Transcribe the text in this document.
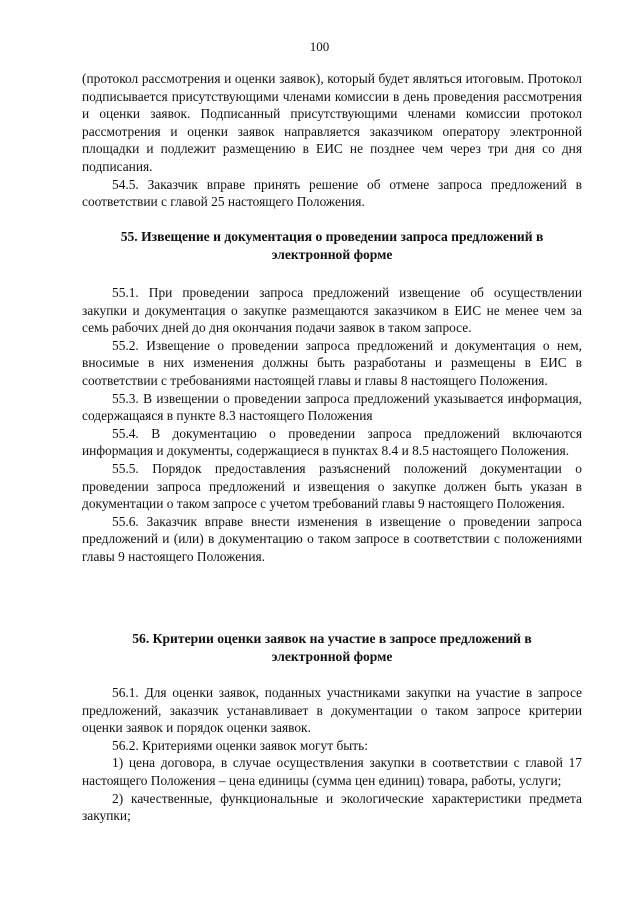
100

(протокол рассмотрения и оценки заявок), который будет являться итоговым. Протокол подписывается присутствующими членами комиссии в день проведения рассмотрения и оценки заявок. Подписанный присутствующими членами комиссии протокол рассмотрения и оценки заявок направляется заказчиком оператору электронной площадки и подлежит размещению в ЕИС не позднее чем через три дня со дня подписания.

54.5. Заказчик вправе принять решение об отмене запроса предложений в соответствии с главой 25 настоящего Положения.

55. Извещение и документация о проведении запроса предложений в

электронной форме

55.1. При проведении запроса предложений извещение об осуществлении закупки и документация о закупке размещаются заказчиком в ЕИС не менее чем за семь рабочих дней до дня окончания подачи заявок в таком запросе.

55.2. Извещение о проведении запроса предложений и документация о нем, вносимые в них изменения должны быть разработаны и размещены в ЕИС в соответствии с требованиями настоящей главы и главы 8 настоящего Положения.

55.3. В извещении о проведении запроса предложений указывается информация, содержащаяся в пункте 8.3 настоящего Положения

55.4. В документацию о проведении запроса предложений включаются информация и документы, содержащиеся в пунктах 8.4 и 8.5 настоящего Положения.

55.5. Порядок предоставления разъяснений положений документации о проведении запроса предложений и извещения о закупке должен быть указан в документации о таком запросе с учетом требований главы 9 настоящего Положения.

55.6. Заказчик вправе внести изменения в извещение о проведении запроса предложений и (или) в документацию о таком запросе в соответствии с положениями главы 9 настоящего Положения.

56. Критерии оценки заявок на участие в запросе предложений в

электронной форме

56.1. Для оценки заявок, поданных участниками закупки на участие в запросе предложений, заказчик устанавливает в документации о таком запросе критерии оценки заявок и порядок оценки заявок.

56.2. Критериями оценки заявок могут быть:

1) цена договора, в случае осуществления закупки в соответствии с главой 17 настоящего Положения – цена единицы (сумма цен единиц) товара, работы, услуги;

2) качественные, функциональные и экологические характеристики предмета закупки;
